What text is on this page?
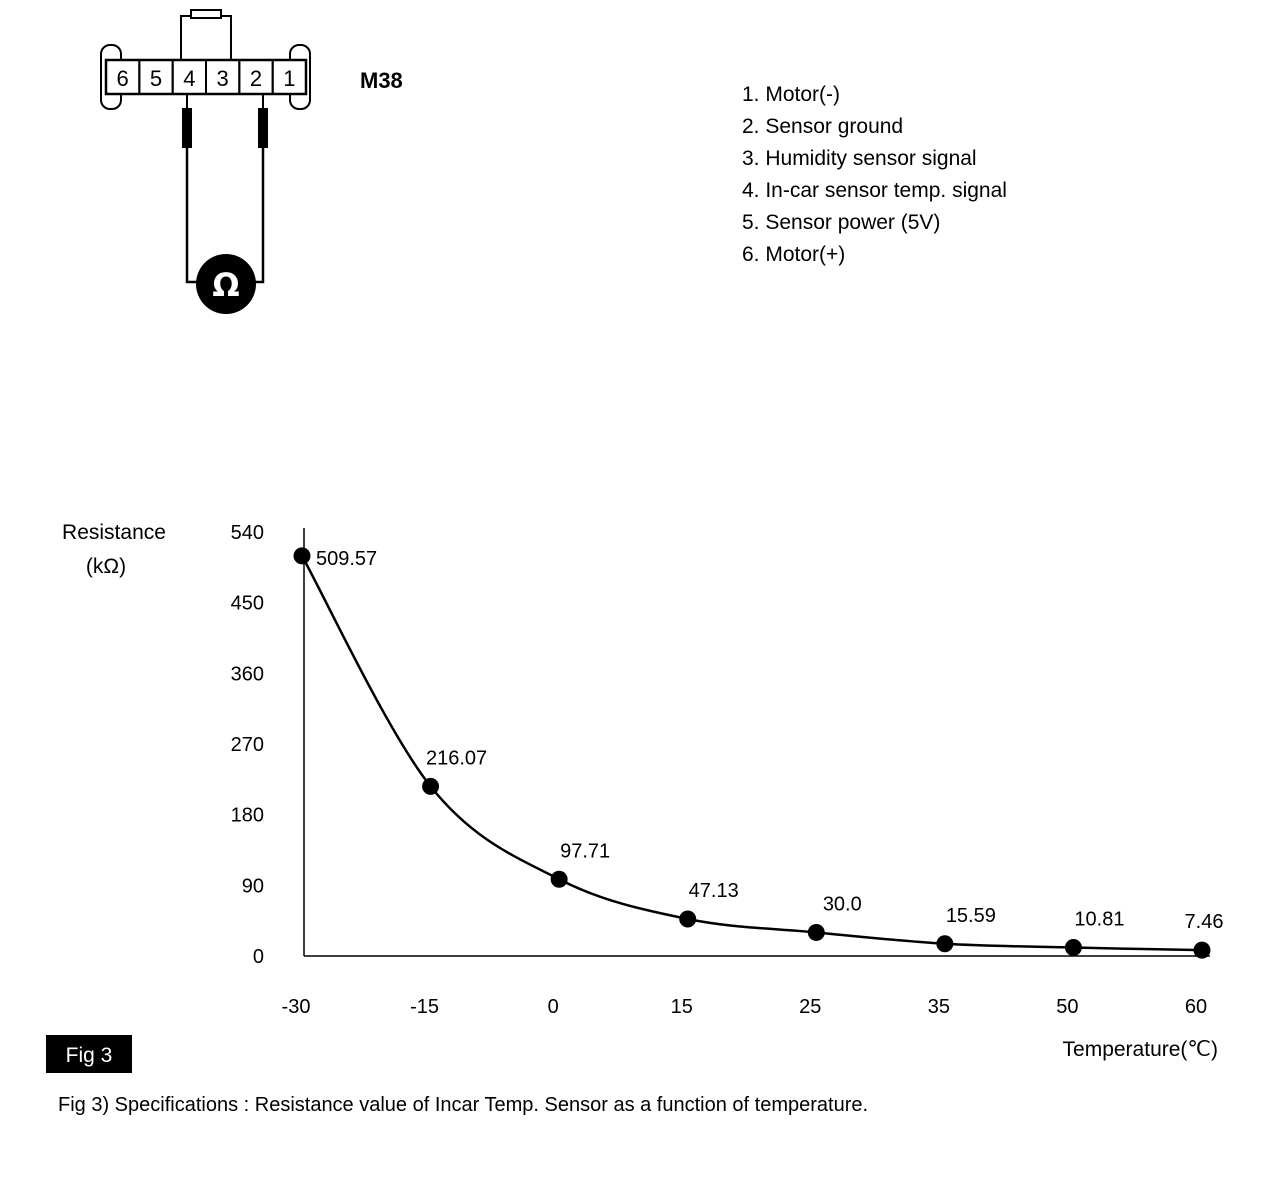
6 5 4 3 2 1	M38
Ω
1. Motor(-)
2. Sensor ground
3. Humidity sensor signal
4. In-car sensor temp. signal
5. Sensor power (5V)
6. Motor(+)
Resistance
(kΩ)
540
450
360
270
180
90
0
-30	-15	0	15	25	35	50	60
509.57
216.07
97.71
47.13
30.0
15.59	10.81	7.46
Temperature(℃)
Fig 3
Fig 3) Specifications : Resistance value of Incar Temp. Sensor as a function of temperature.
